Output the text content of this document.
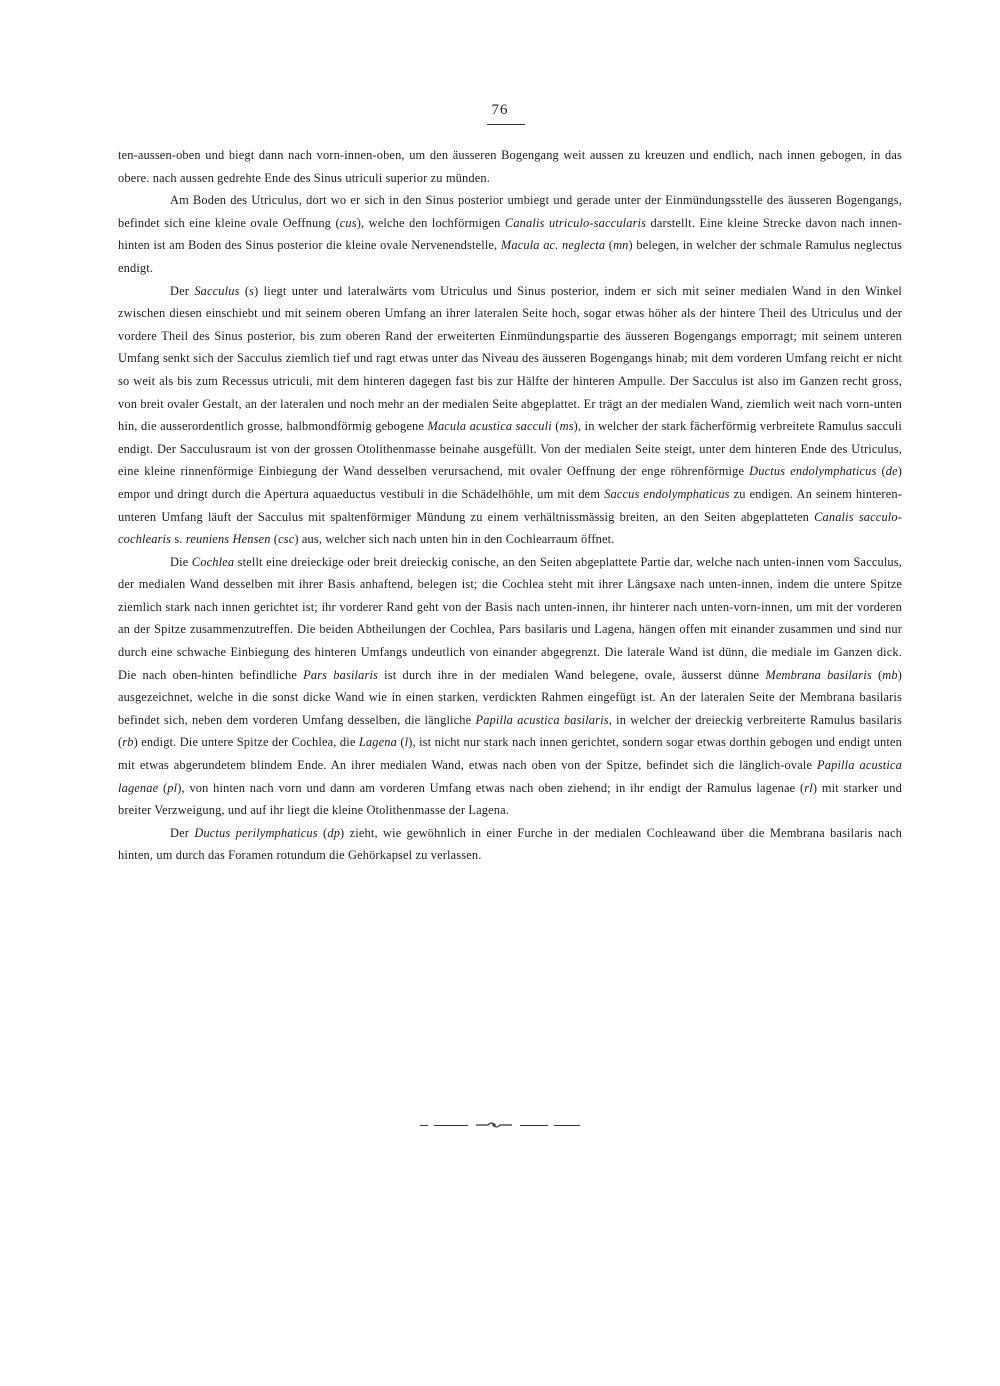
76

ten-aussen-oben und biegt dann nach vorn-innen-oben, um den äusseren Bogengang weit aussen zu kreuzen und endlich, nach innen gebogen, in das obere. nach aussen gedrehte Ende des Sinus utriculi superior zu münden.

Am Boden des Utriculus, dort wo er sich in den Sinus posterior umbiegt und gerade unter der Einmündungsstelle des äusseren Bogengangs, befindet sich eine kleine ovale Oeffnung (cus), welche den lochförmigen Canalis utriculo-saccularis darstellt. Eine kleine Strecke davon nach innen-hinten ist am Boden des Sinus posterior die kleine ovale Nervenendstelle, Macula ac. neglecta (mn) belegen, in welcher der schmale Ramulus neglectus endigt.

Der Sacculus (s) liegt unter und lateralwärts vom Utriculus und Sinus posterior, indem er sich mit seiner medialen Wand in den Winkel zwischen diesen einschiebt und mit seinem oberen Umfang an ihrer lateralen Seite hoch, sogar etwas höher als der hintere Theil des Utriculus und der vordere Theil des Sinus posterior, bis zum oberen Rand der erweiterten Einmündungspartie des äusseren Bogengangs emporragt; mit seinem unteren Umfang senkt sich der Sacculus ziemlich tief und ragt etwas unter das Niveau des äusseren Bogengangs hinab; mit dem vorderen Umfang reicht er nicht so weit als bis zum Recessus utriculi, mit dem hinteren dagegen fast bis zur Hälfte der hinteren Ampulle. Der Sacculus ist also im Ganzen recht gross, von breit ovaler Gestalt, an der lateralen und noch mehr an der medialen Seite abgeplattet. Er trägt an der medialen Wand, ziemlich weit nach vorn-unten hin, die ausserordentlich grosse, halbmondförmig gebogene Macula acustica sacculi (ms), in welcher der stark fächerförmig verbreitete Ramulus sacculi endigt. Der Sacculusraum ist von der grossen Otolithenmasse beinahe ausgefüllt. Von der medialen Seite steigt, unter dem hinteren Ende des Utriculus, eine kleine rinnenförmige Einbiegung der Wand desselben verursachend, mit ovaler Oeffnung der enge röhrenförmige Ductus endolymphaticus (de) empor und dringt durch die Apertura aquaeductus vestibuli in die Schädelhöhle, um mit dem Saccus endolymphaticus zu endigen. An seinem hinteren-unteren Umfang läuft der Sacculus mit spaltenförmiger Mündung zu einem verhältnissmässig breiten, an den Seiten abgeplatteten Canalis sacculo-cochlearis s. reuniens Hensen (csc) aus, welcher sich nach unten hin in den Cochlearraum öffnet.

Die Cochlea stellt eine dreieckige oder breit dreieckig conische, an den Seiten abgeplattete Partie dar, welche nach unten-innen vom Sacculus, der medialen Wand desselben mit ihrer Basis anhaftend, belegen ist; die Cochlea steht mit ihrer Längsaxe nach unten-innen, indem die untere Spitze ziemlich stark nach innen gerichtet ist; ihr vorderer Rand geht von der Basis nach unten-innen, ihr hinterer nach unten-vorn-innen, um mit der vorderen an der Spitze zusammenzutreffen. Die beiden Abtheilungen der Cochlea, Pars basilaris und Lagena, hängen offen mit einander zusammen und sind nur durch eine schwache Einbiegung des hinteren Umfangs undeutlich von einander abgegrenzt. Die laterale Wand ist dünn, die mediale im Ganzen dick. Die nach oben-hinten befindliche Pars basilaris ist durch ihre in der medialen Wand belegene, ovale, äusserst dünne Membrana basilaris (mb) ausgezeichnet, welche in die sonst dicke Wand wie in einen starken, verdickten Rahmen eingefügt ist. An der lateralen Seite der Membrana basilaris befindet sich, neben dem vorderen Umfang desselben, die längliche Papilla acustica basilaris, in welcher der dreieckig verbreiterte Ramulus basilaris (rb) endigt. Die untere Spitze der Cochlea, die Lagena (l), ist nicht nur stark nach innen gerichtet, sondern sogar etwas dorthin gebogen und endigt unten mit etwas abgerundetem blindem Ende. An ihrer medialen Wand, etwas nach oben von der Spitze, befindet sich die länglich-ovale Papilla acustica lagenae (pl), von hinten nach vorn und dann am vorderen Umfang etwas nach oben ziehend; in ihr endigt der Ramulus lagenae (rl) mit starker und breiter Verzweigung, und auf ihr liegt die kleine Otolithenmasse der Lagena.

Der Ductus perilymphaticus (dp) zieht, wie gewöhnlich in einer Furche in der medialen Cochleawand über die Membrana basilaris nach hinten, um durch das Foramen rotundum die Gehörkapsel zu verlassen.
